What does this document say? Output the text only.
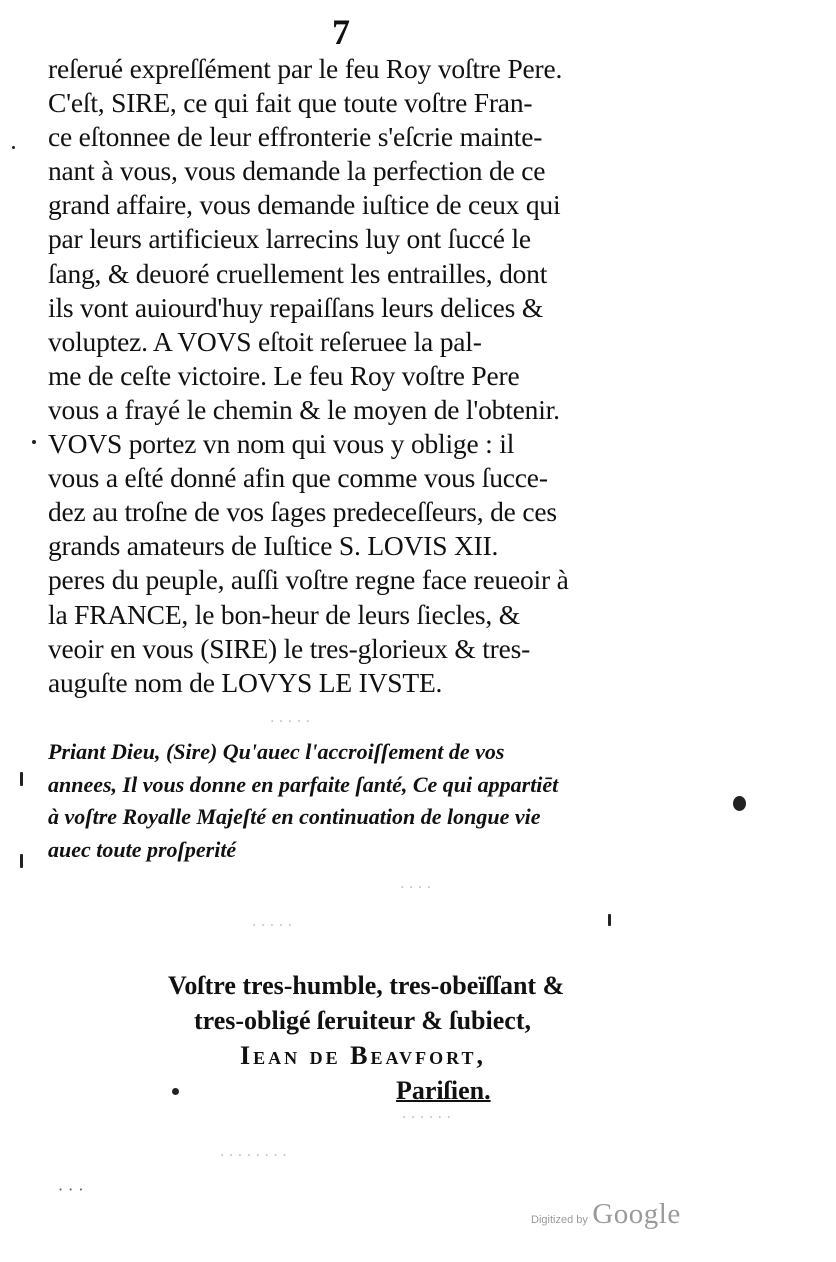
7
reſerué expreſſément par le feu Roy voſtre Pere.
C'eſt, SIRE, ce qui fait que toute voſtre Fran-
ce eſtonnee de leur effronterie s'eſcrie mainte-
nant à vous, vous demande la perfection de ce
grand affaire, vous demande iuſtice de ceux qui
par leurs artificieux larrecins luy ont ſuccé le
ſang, & deuoré cruellement les entrailles, dont
ils vont auiourd'huy repaiſſans leurs delices &
voluptez. A VOVS eſtoit reſeruee la pal-
me de ceſte victoire. Le feu Roy voſtre Pere
vous a frayé le chemin & le moyen de l'obtenir.
VOVS portez vn nom qui vous y oblige : il
vous a eſté donné afin que comme vous ſucce-
dez au troſne de vos ſages predeceſſeurs, de ces
grands amateurs de Iuſtice S. LOVIS XII.
peres du peuple, auſſi voſtre regne face reueoir à
la FRANCE, le bon-heur de leurs ſiecles, &
veoir en vous (SIRE) le tres-glorieux & tres-
auguſte nom de LOVYS LE IVSTE.
Priant Dieu, (Sire) Qu'auec l'accroiſſement de vos
annees, Il vous donne en parfaite ſanté, Ce qui appartiēt
à voſtre Royalle Majeſté en continuation de longue vie
auec toute proſperité
Voſtre tres-humble, tres-obeïſſant &
tres-obligé ſeruiteur & ſubiect,
Iean de Beavfort,
Pariſien.
Digitized by Google
· · · · ·
· · · · ·
· · · ·
· · · · · ·
· · · · · · · ·
· · ·
